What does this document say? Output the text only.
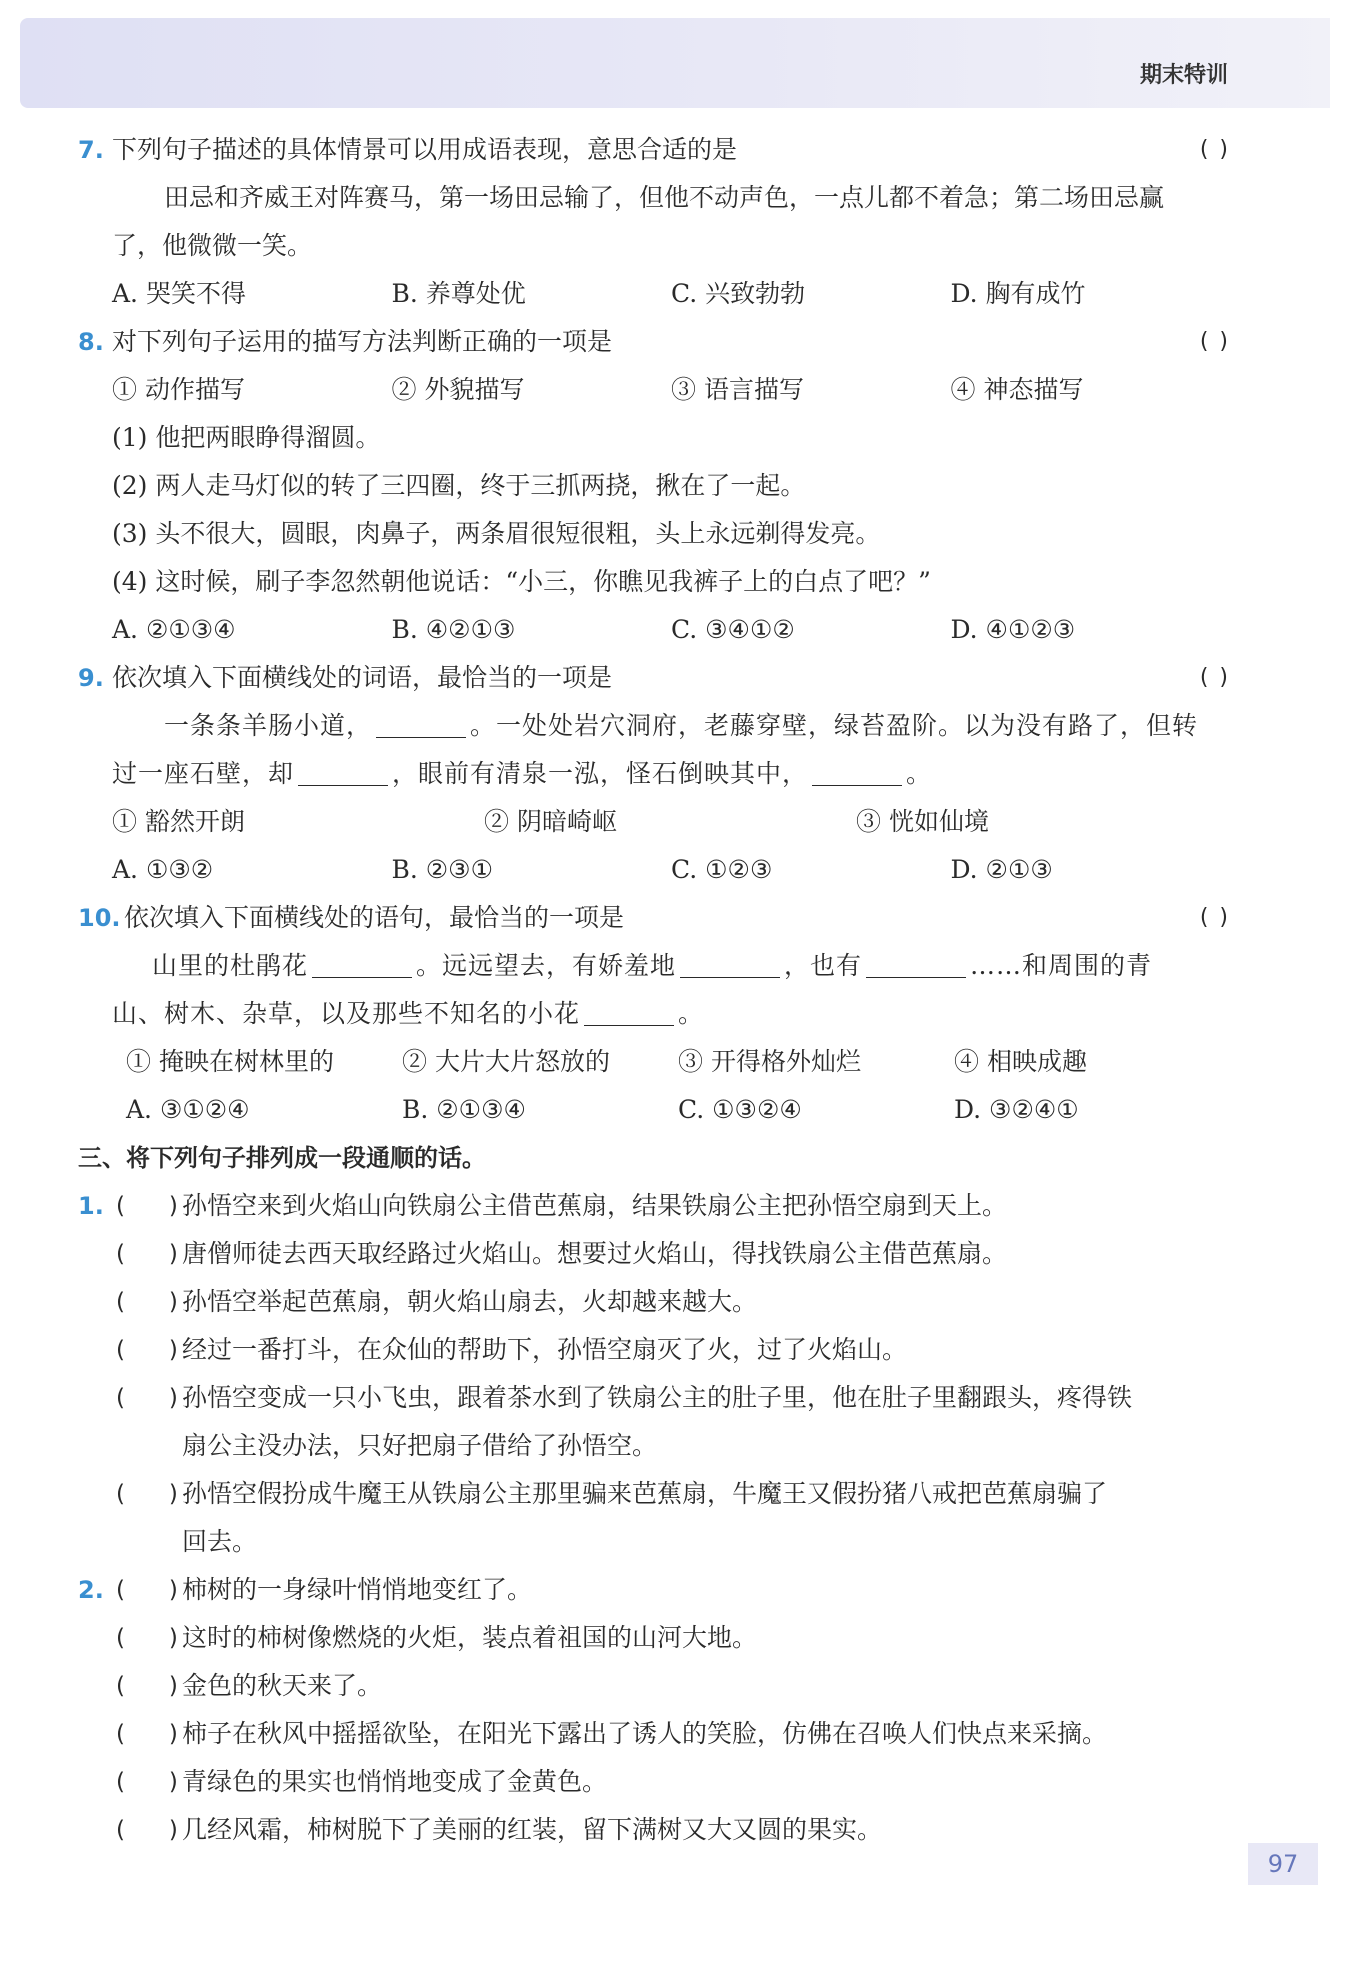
期末特训
7. 下列句子描述的具体情景可以用成语表现，意思合适的是	( )
田忌和齐威王对阵赛马，第一场田忌输了，但他不动声色，一点儿都不着急；第二场田忌赢
了，他微微一笑。
A. 哭笑不得	B. 养尊处优	C. 兴致勃勃	D. 胸有成竹
8. 对下列句子运用的描写方法判断正确的一项是	( )
① 动作描写	② 外貌描写	③ 语言描写	④ 神态描写
(1) 他把两眼睁得溜圆。
(2) 两人走马灯似的转了三四圈，终于三抓两挠，揪在了一起。
(3) 头不很大，圆眼，肉鼻子，两条眉很短很粗，头上永远剃得发亮。
(4) 这时候，刷子李忽然朝他说话：“小三，你瞧见我裤子上的白点了吧？”
A. ②①③④	B. ④②①③	C. ③④①②	D. ④①②③
9. 依次填入下面横线处的词语，最恰当的一项是	( )
一条条羊肠小道，	。一处处岩穴洞府，老藤穿壁，绿苔盈阶。以为没有路了，但转
过一座石壁，却	，眼前有清泉一泓，怪石倒映其中，	。
① 豁然开朗	② 阴暗崎岖	③ 恍如仙境
A. ①③②	B. ②③①	C. ①②③	D. ②①③
10. 依次填入下面横线处的语句，最恰当的一项是	( )
山里的杜鹃花	。远远望去，有娇羞地	，也有	……和周围的青
山、树木、杂草，以及那些不知名的小花	。
① 掩映在树林里的	② 大片大片怒放的	③ 开得格外灿烂	④ 相映成趣
A. ③①②④	B. ②①③④	C. ①③②④	D. ③②④①
三、将下列句子排列成一段通顺的话。
1. (      ) 孙悟空来到火焰山向铁扇公主借芭蕉扇，结果铁扇公主把孙悟空扇到天上。
(      ) 唐僧师徒去西天取经路过火焰山。想要过火焰山，得找铁扇公主借芭蕉扇。
(      ) 孙悟空举起芭蕉扇，朝火焰山扇去，火却越来越大。
(      ) 经过一番打斗，在众仙的帮助下，孙悟空扇灭了火，过了火焰山。
(      ) 孙悟空变成一只小飞虫，跟着茶水到了铁扇公主的肚子里，他在肚子里翻跟头，疼得铁
扇公主没办法，只好把扇子借给了孙悟空。
(      ) 孙悟空假扮成牛魔王从铁扇公主那里骗来芭蕉扇，牛魔王又假扮猪八戒把芭蕉扇骗了
回去。
2. (      ) 柿树的一身绿叶悄悄地变红了。
(      ) 这时的柿树像燃烧的火炬，装点着祖国的山河大地。
(      ) 金色的秋天来了。
(      ) 柿子在秋风中摇摇欲坠，在阳光下露出了诱人的笑脸，仿佛在召唤人们快点来采摘。
(      ) 青绿色的果实也悄悄地变成了金黄色。
(      ) 几经风霜，柿树脱下了美丽的红装，留下满树又大又圆的果实。
97
